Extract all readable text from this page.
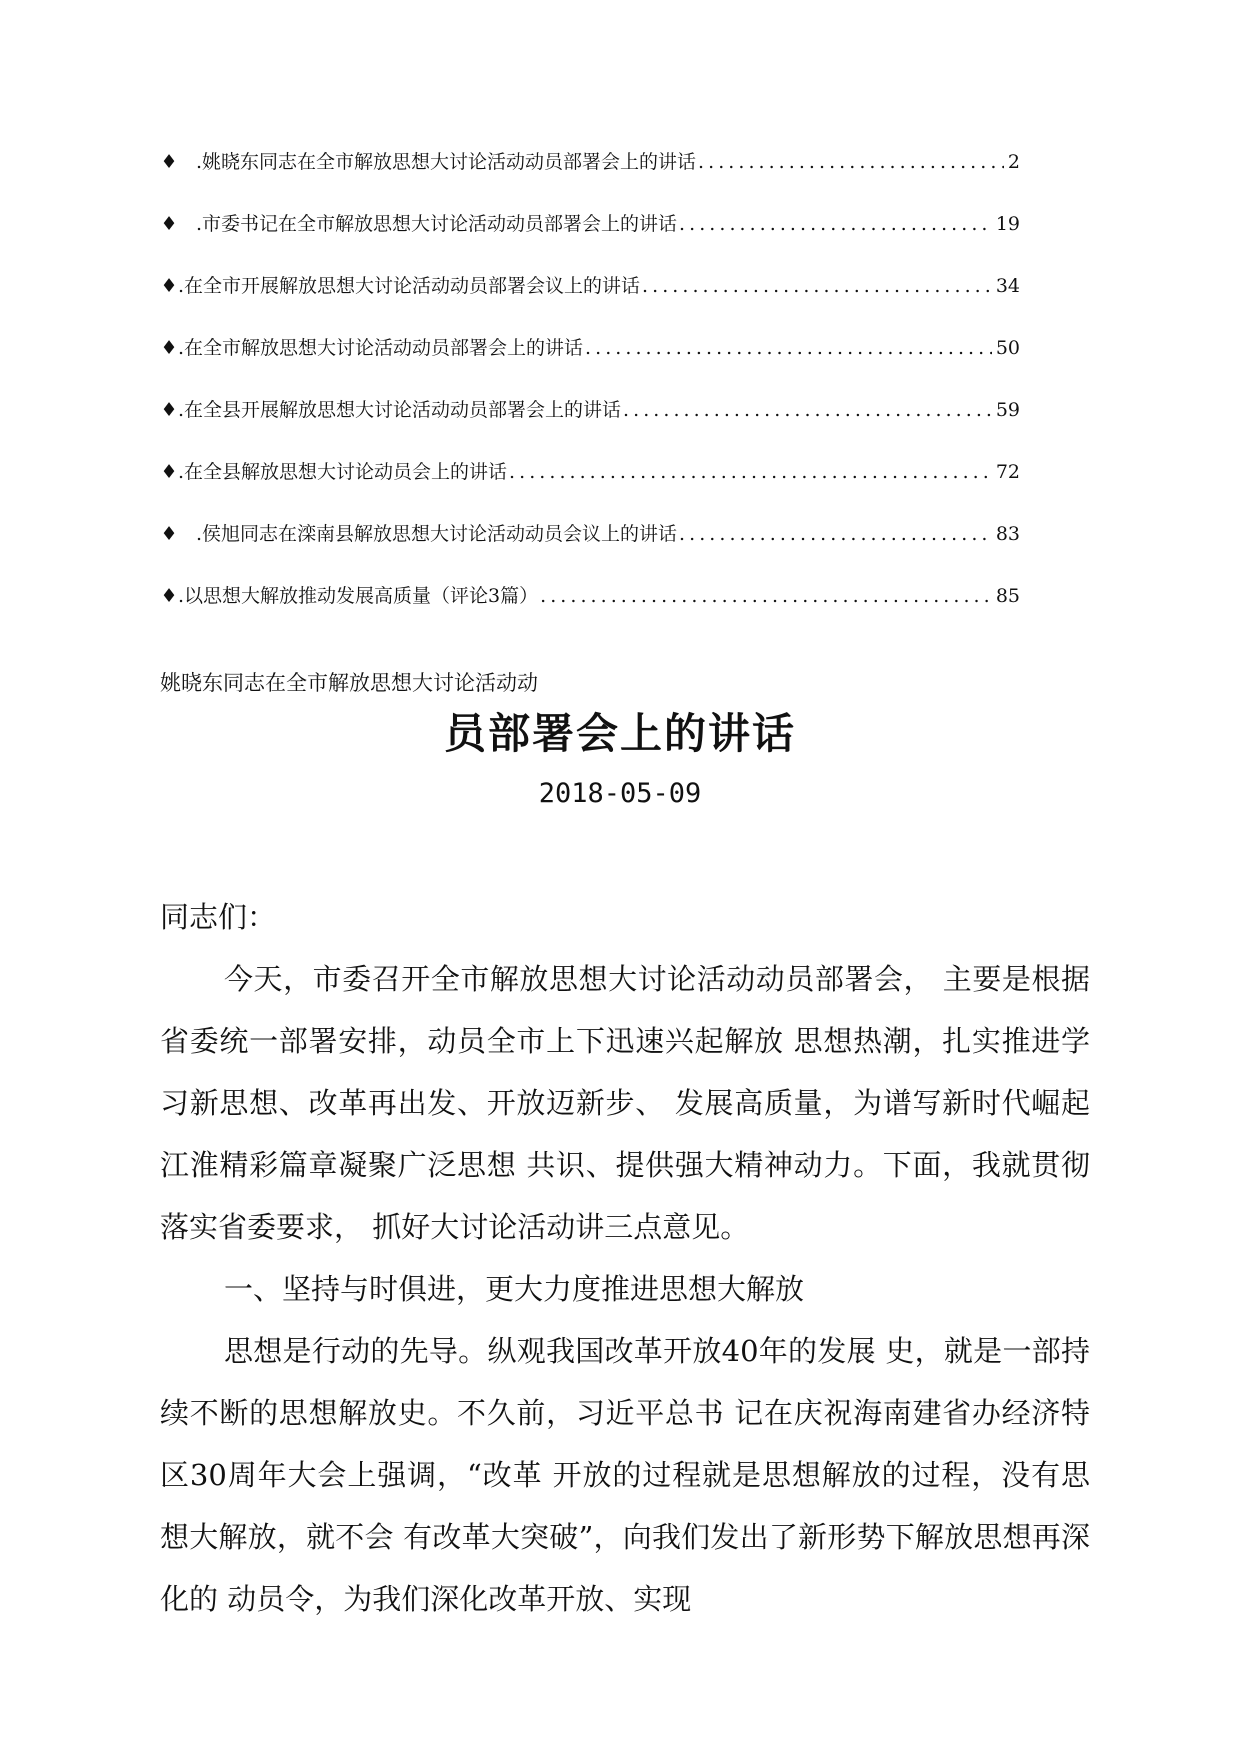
♦ .姚晓东同志在全市解放思想大讨论活动动员部署会上的讲话 . . .	2
♦ .市委书记在全市解放思想大讨论活动动员部署会上的讲话 . . .	19
♦ .在全市开展解放思想大讨论活动动员部署会议上的讲话 . . .	34
♦ .在全市解放思想大讨论活动动员部署会上的讲话 . . .	50
♦ .在全县开展解放思想大讨论活动动员部署会上的讲话 . . .	59
♦ .在全县解放思想大讨论动员会上的讲话 . . .	72
♦ .侯旭同志在滦南县解放思想大讨论活动动员会议上的讲话 . . .	83
♦ .以思想大解放推动发展高质量（评论3篇） . . .	85
姚晓东同志在全市解放思想大讨论活动动
员部署会上的讲话
2018-05-09

同志们：

今天，市委召开全市解放思想大讨论活动动员部署会， 主要是根据省委统一部署安排，动员全市上下迅速兴起解放 思想热潮，扎实推进学习新思想、改革再出发、开放迈新步、 发展高质量，为谱写新时代崛起江淮精彩篇章凝聚广泛思想 共识、提供强大精神动力。下面，我就贯彻落实省委要求， 抓好大讨论活动讲三点意见。

一、坚持与时俱进，更大力度推进思想大解放

思想是行动的先导。纵观我国改革开放40年的发展 史，就是一部持续不断的思想解放史。不久前，习近平总书 记在庆祝海南建省办经济特区30周年大会上强调，“改革 开放的过程就是思想解放的过程，没有思想大解放，就不会 有改革大突破”，向我们发出了新形势下解放思想再深化的 动员令，为我们深化改革开放、实现
